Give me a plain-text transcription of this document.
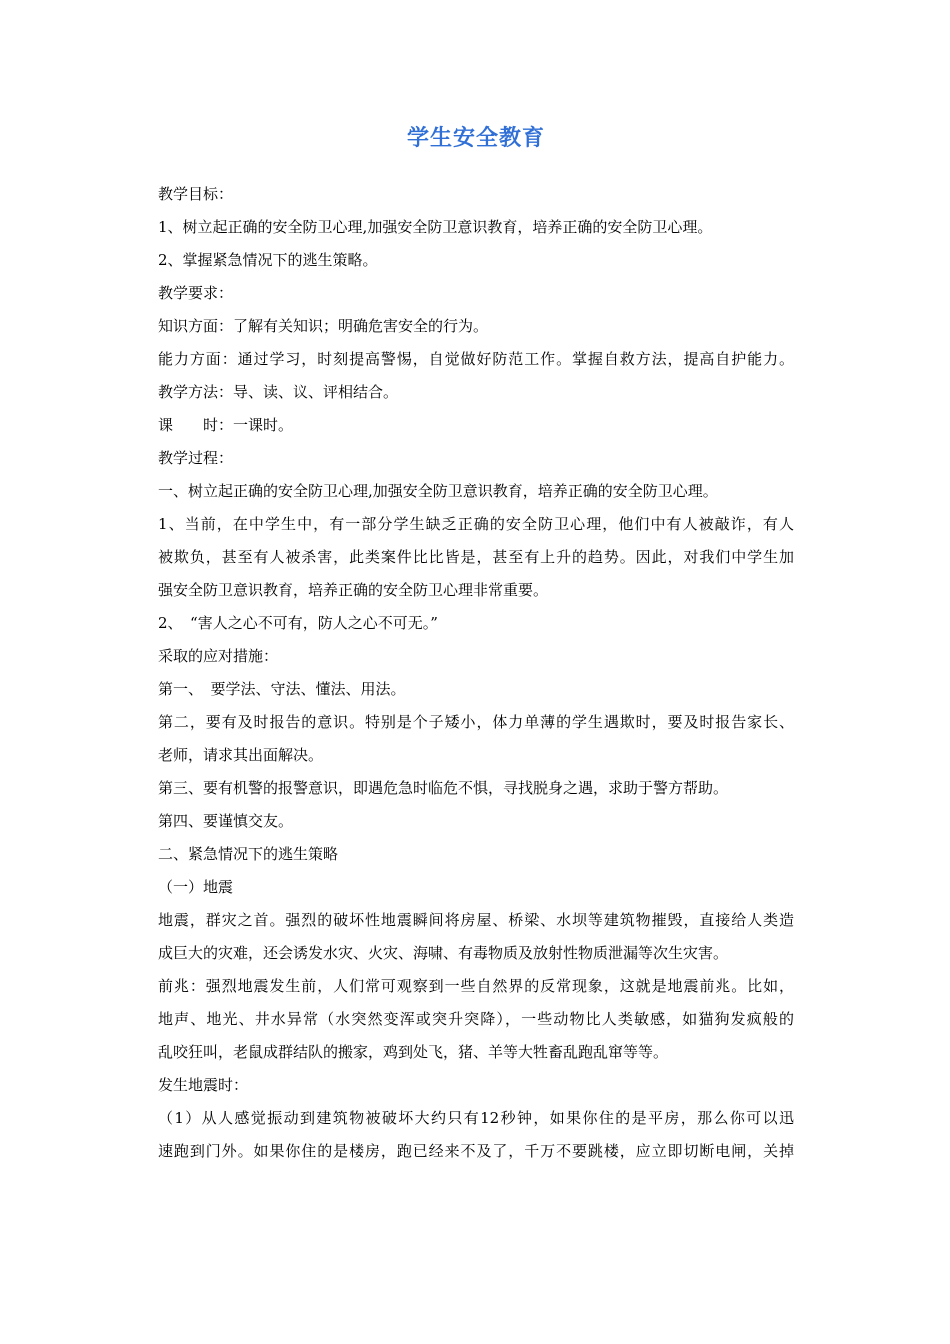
学生安全教育
教学目标：
1、树立起正确的安全防卫心理,加强安全防卫意识教育，培养正确的安全防卫心理。
2、掌握紧急情况下的逃生策略。
教学要求：
知识方面：了解有关知识；明确危害安全的行为。
能力方面：通过学习，时刻提高警惕，自觉做好防范工作。掌握自救方法，提高自护能力。
教学方法：导、读、议、评相结合。
课　　时：一课时。
教学过程：
一、树立起正确的安全防卫心理,加强安全防卫意识教育，培养正确的安全防卫心理。
1、当前，在中学生中，有一部分学生缺乏正确的安全防卫心理，他们中有人被敲诈，有人
被欺负，甚至有人被杀害，此类案件比比皆是，甚至有上升的趋势。因此，对我们中学生加
强安全防卫意识教育，培养正确的安全防卫心理非常重要。
2、　“害人之心不可有，防人之心不可无。”
采取的应对措施：
第一、　要学法、守法、懂法、用法。
第二，要有及时报告的意识。特别是个子矮小，体力单薄的学生遇欺时，要及时报告家长、
老师，请求其出面解决。
第三、要有机警的报警意识，即遇危急时临危不惧，寻找脱身之遇，求助于警方帮助。
第四、要谨慎交友。
二、紧急情况下的逃生策略
（一）地震
地震，群灾之首。强烈的破坏性地震瞬间将房屋、桥梁、水坝等建筑物摧毁，直接给人类造
成巨大的灾难，还会诱发水灾、火灾、海啸、有毒物质及放射性物质泄漏等次生灾害。
前兆：强烈地震发生前，人们常可观察到一些自然界的反常现象，这就是地震前兆。比如，
地声、地光、井水异常（水突然变浑或突升突降），一些动物比人类敏感，如猫狗发疯般的
乱咬狂叫，老鼠成群结队的搬家，鸡到处飞，猪、羊等大牲畜乱跑乱窜等等。
发生地震时：
（1）从人感觉振动到建筑物被破坏大约只有12秒钟，如果你住的是平房，那么你可以迅
速跑到门外。如果你住的是楼房，跑已经来不及了，千万不要跳楼，应立即切断电闸，关掉
